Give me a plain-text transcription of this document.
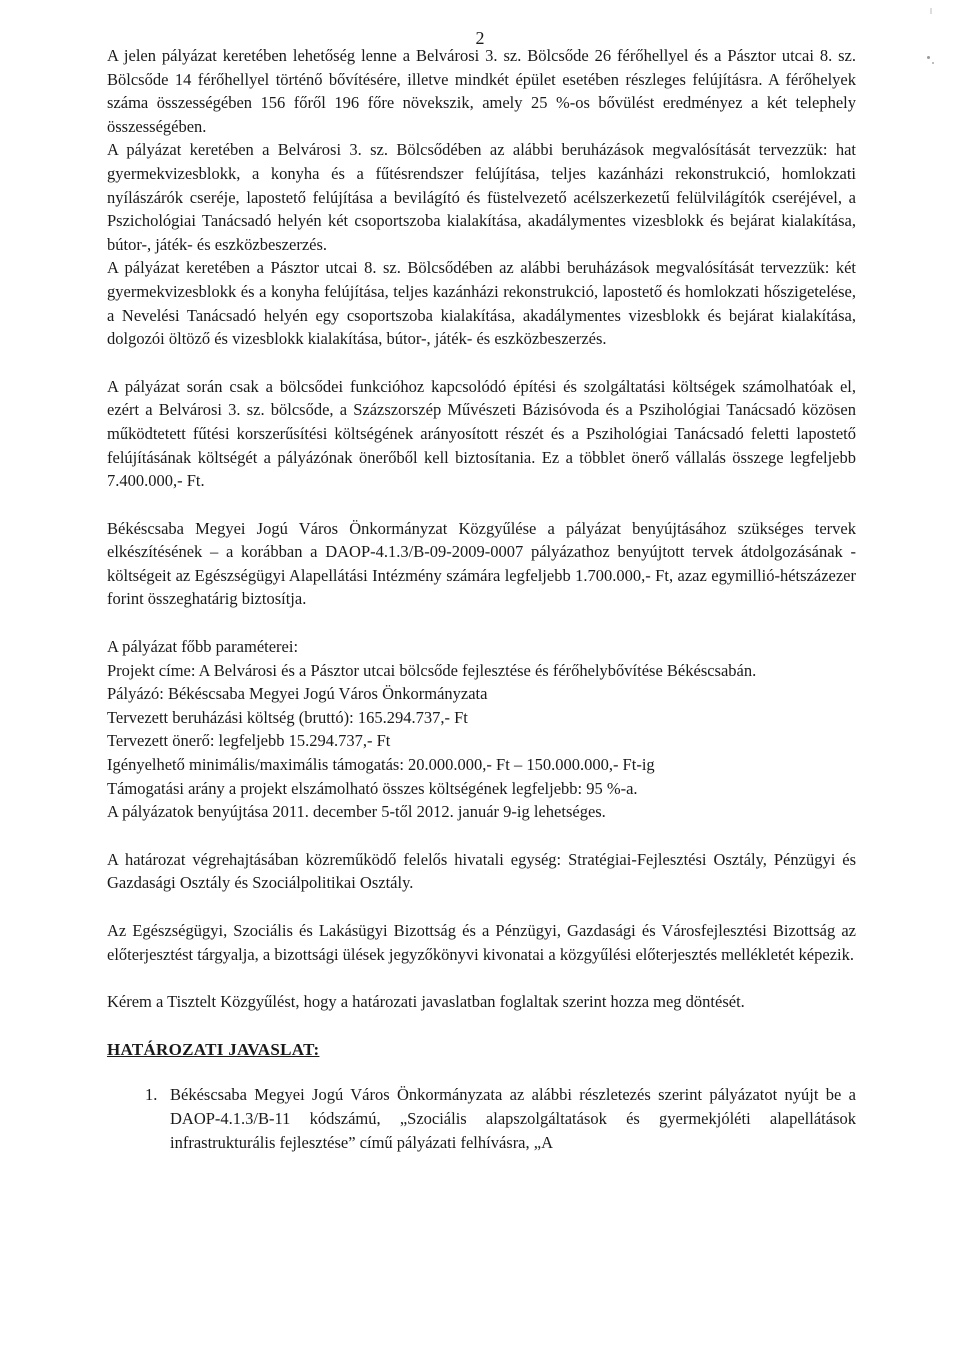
2

A jelen pályázat keretében lehetőség lenne a Belvárosi 3. sz. Bölcsőde 26 férőhellyel és a Pásztor utcai 8. sz. Bölcsőde 14 férőhellyel történő bővítésére, illetve mindkét épület esetében részleges felújításra. A férőhelyek száma összességében 156 főről 196 főre növekszik, amely 25 %-os bővülést eredményez a két telephely összességében.

A pályázat keretében a Belvárosi 3. sz. Bölcsődében az alábbi beruházások megvalósítását tervezzük: hat gyermekvizesblokk, a konyha és a fűtésrendszer felújítása, teljes kazánházi rekonstrukció, homlokzati nyílászárók cseréje, lapostető felújítása a bevilágító és füstelvezető acélszerkezetű felülvilágítók cseréjével, a Pszichológiai Tanácsadó helyén két csoportszoba kialakítása, akadálymentes vizesblokk és bejárat kialakítása, bútor-, játék- és eszközbeszerzés.

A pályázat keretében a Pásztor utcai 8. sz. Bölcsődében az alábbi beruházások megvalósítását tervezzük: két gyermekvizesblokk és a konyha felújítása, teljes kazánházi rekonstrukció, lapostető és homlokzati hőszigetelése, a Nevelési Tanácsadó helyén egy csoportszoba kialakítása, akadálymentes vizesblokk és bejárat kialakítása, dolgozói öltöző és vizesblokk kialakítása, bútor-, játék- és eszközbeszerzés.

A pályázat során csak a bölcsődei funkcióhoz kapcsolódó építési és szolgáltatási költségek számolhatóak el, ezért a Belvárosi 3. sz. bölcsőde, a Százszorszép Művészeti Bázisóvoda és a Pszihológiai Tanácsadó közösen működtetett fűtési korszerűsítési költségének arányosított részét és a Pszihológiai Tanácsadó feletti lapostető felújításának költségét a pályázónak önerőből kell biztosítania. Ez a többlet önerő vállalás összege legfeljebb 7.400.000,- Ft.

Békéscsaba Megyei Jogú Város Önkormányzat Közgyűlése a pályázat benyújtásához szükséges tervek elkészítésének – a korábban a DAOP-4.1.3/B-09-2009-0007 pályázathoz benyújtott tervek átdolgozásának - költségeit az Egészségügyi Alapellátási Intézmény számára legfeljebb 1.700.000,- Ft, azaz egymillió-hétszázezer forint összeghatárig biztosítja.

A pályázat főbb paraméterei:

Projekt címe: A Belvárosi és a Pásztor utcai bölcsőde fejlesztése és férőhelybővítése Békéscsabán.

Pályázó: Békéscsaba Megyei Jogú Város Önkormányzata

Tervezett beruházási költség (bruttó): 165.294.737,- Ft

Tervezett önerő: legfeljebb 15.294.737,- Ft

Igényelhető minimális/maximális támogatás: 20.000.000,- Ft – 150.000.000,- Ft-ig

Támogatási arány a projekt elszámolható összes költségének legfeljebb: 95 %-a.

A pályázatok benyújtása 2011. december 5-től 2012. január 9-ig lehetséges.

A határozat végrehajtásában közreműködő felelős hivatali egység: Stratégiai-Fejlesztési Osztály, Pénzügyi és Gazdasági Osztály és Szociálpolitikai Osztály.

Az Egészségügyi, Szociális és Lakásügyi Bizottság és a Pénzügyi, Gazdasági és Városfejlesztési Bizottság az előterjesztést tárgyalja, a bizottsági ülések jegyzőkönyvi kivonatai a közgyűlési előterjesztés mellékletét képezik.

Kérem a Tisztelt Közgyűlést, hogy a határozati javaslatban foglaltak szerint hozza meg döntését.

HATÁROZATI JAVASLAT:

1. Békéscsaba Megyei Jogú Város Önkormányzata az alábbi részletezés szerint pályázatot nyújt be a DAOP-4.1.3/B-11 kódszámú, „Szociális alapszolgáltatások és gyermekjóléti alapellátások infrastrukturális fejlesztése” című pályázati felhívásra, „A
